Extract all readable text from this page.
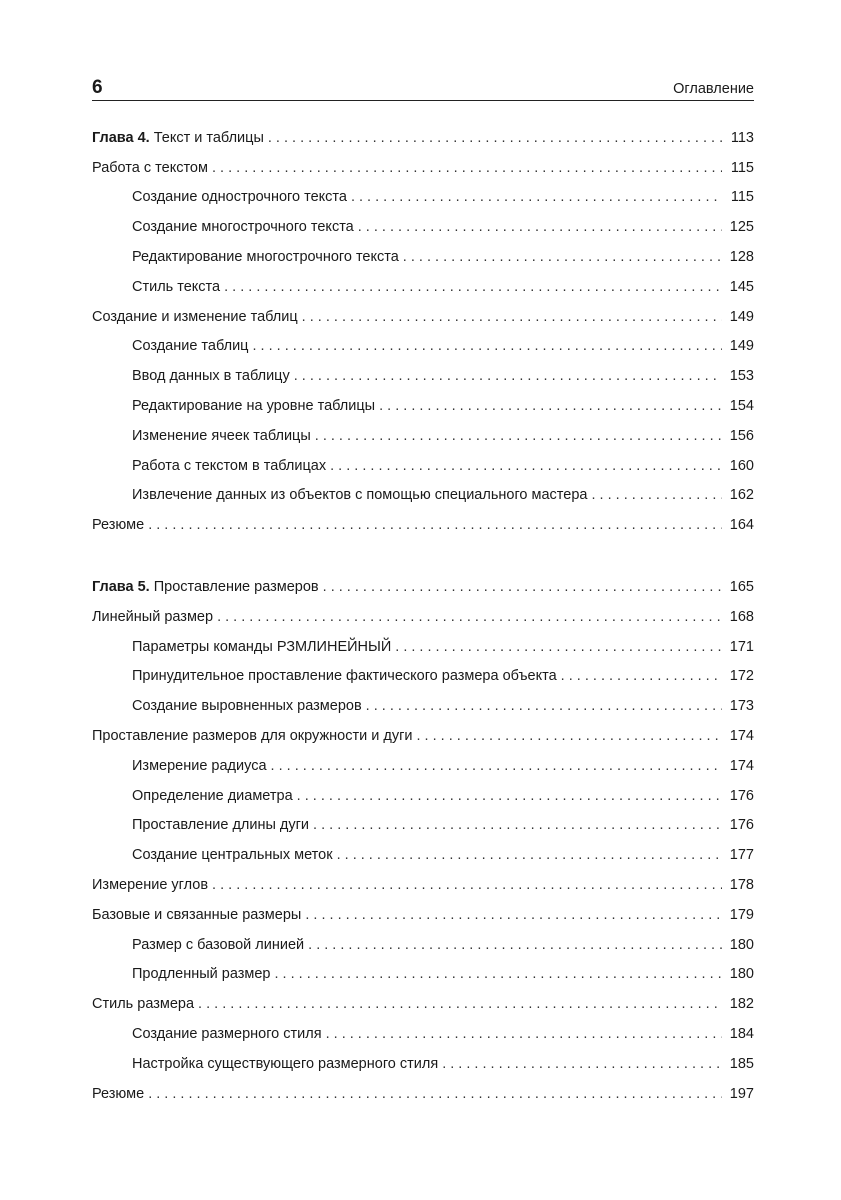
6	Оглавление
Глава 4. Текст и таблицы . . .	113
Работа с текстом . . .	115
Создание однострочного текста . . .	115
Создание многострочного текста . . .	125
Редактирование многострочного текста . . .	128
Стиль текста . . .	145
Создание и изменение таблиц . . .	149
Создание таблиц . . .	149
Ввод данных в таблицу . . .	153
Редактирование на уровне таблицы . . .	154
Изменение ячеек таблицы . . .	156
Работа с текстом в таблицах . . .	160
Извлечение данных из объектов с помощью специального мастера . . .	162
Резюме . . .	164
Глава 5. Проставление размеров . . .	165
Линейный размер . . .	168
Параметры команды РЗМЛИНЕЙНЫЙ . . .	171
Принудительное проставление фактического размера объекта . . .	172
Создание выровненных размеров . . .	173
Проставление размеров для окружности и дуги . . .	174
Измерение радиуса . . .	174
Определение диаметра . . .	176
Проставление длины дуги . . .	176
Создание центральных меток . . .	177
Измерение углов . . .	178
Базовые и связанные размеры . . .	179
Размер с базовой линией . . .	180
Продленный размер . . .	180
Стиль размера . . .	182
Создание размерного стиля . . .	184
Настройка существующего размерного стиля . . .	185
Резюме . . .	197
